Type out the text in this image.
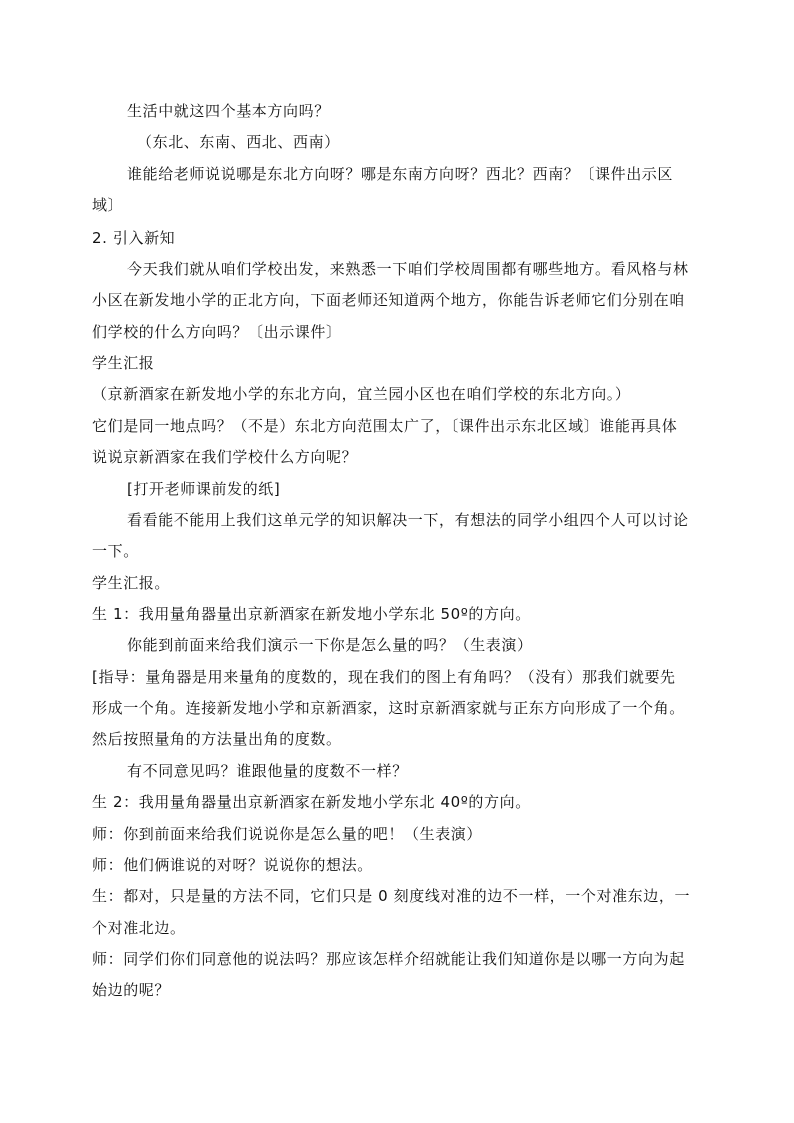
生活中就这四个基本方向吗？
（东北、东南、西北、西南）
谁能给老师说说哪是东北方向呀？哪是东南方向呀？西北？西南？〔课件出示区
域〕
2. 引入新知
今天我们就从咱们学校出发，来熟悉一下咱们学校周围都有哪些地方。看风格与林
小区在新发地小学的正北方向，下面老师还知道两个地方，你能告诉老师它们分别在咱
们学校的什么方向吗？〔出示课件〕
学生汇报
（京新酒家在新发地小学的东北方向，宜兰园小区也在咱们学校的东北方向。）
它们是同一地点吗？（不是）东北方向范围太广了，〔课件出示东北区域〕谁能再具体
说说京新酒家在我们学校什么方向呢？
[打开老师课前发的纸]
看看能不能用上我们这单元学的知识解决一下，有想法的同学小组四个人可以讨论
一下。
学生汇报。
生 1：我用量角器量出京新酒家在新发地小学东北 50º的方向。
你能到前面来给我们演示一下你是怎么量的吗？（生表演）
[指导：量角器是用来量角的度数的，现在我们的图上有角吗？（没有）那我们就要先
形成一个角。连接新发地小学和京新酒家，这时京新酒家就与正东方向形成了一个角。
然后按照量角的方法量出角的度数。
有不同意见吗？谁跟他量的度数不一样？
生 2：我用量角器量出京新酒家在新发地小学东北 40º的方向。
师：你到前面来给我们说说你是怎么量的吧！（生表演）
师：他们俩谁说的对呀？说说你的想法。
生：都对，只是量的方法不同，它们只是 0 刻度线对准的边不一样，一个对准东边，一
个对准北边。
师：同学们你们同意他的说法吗？那应该怎样介绍就能让我们知道你是以哪一方向为起
始边的呢？
